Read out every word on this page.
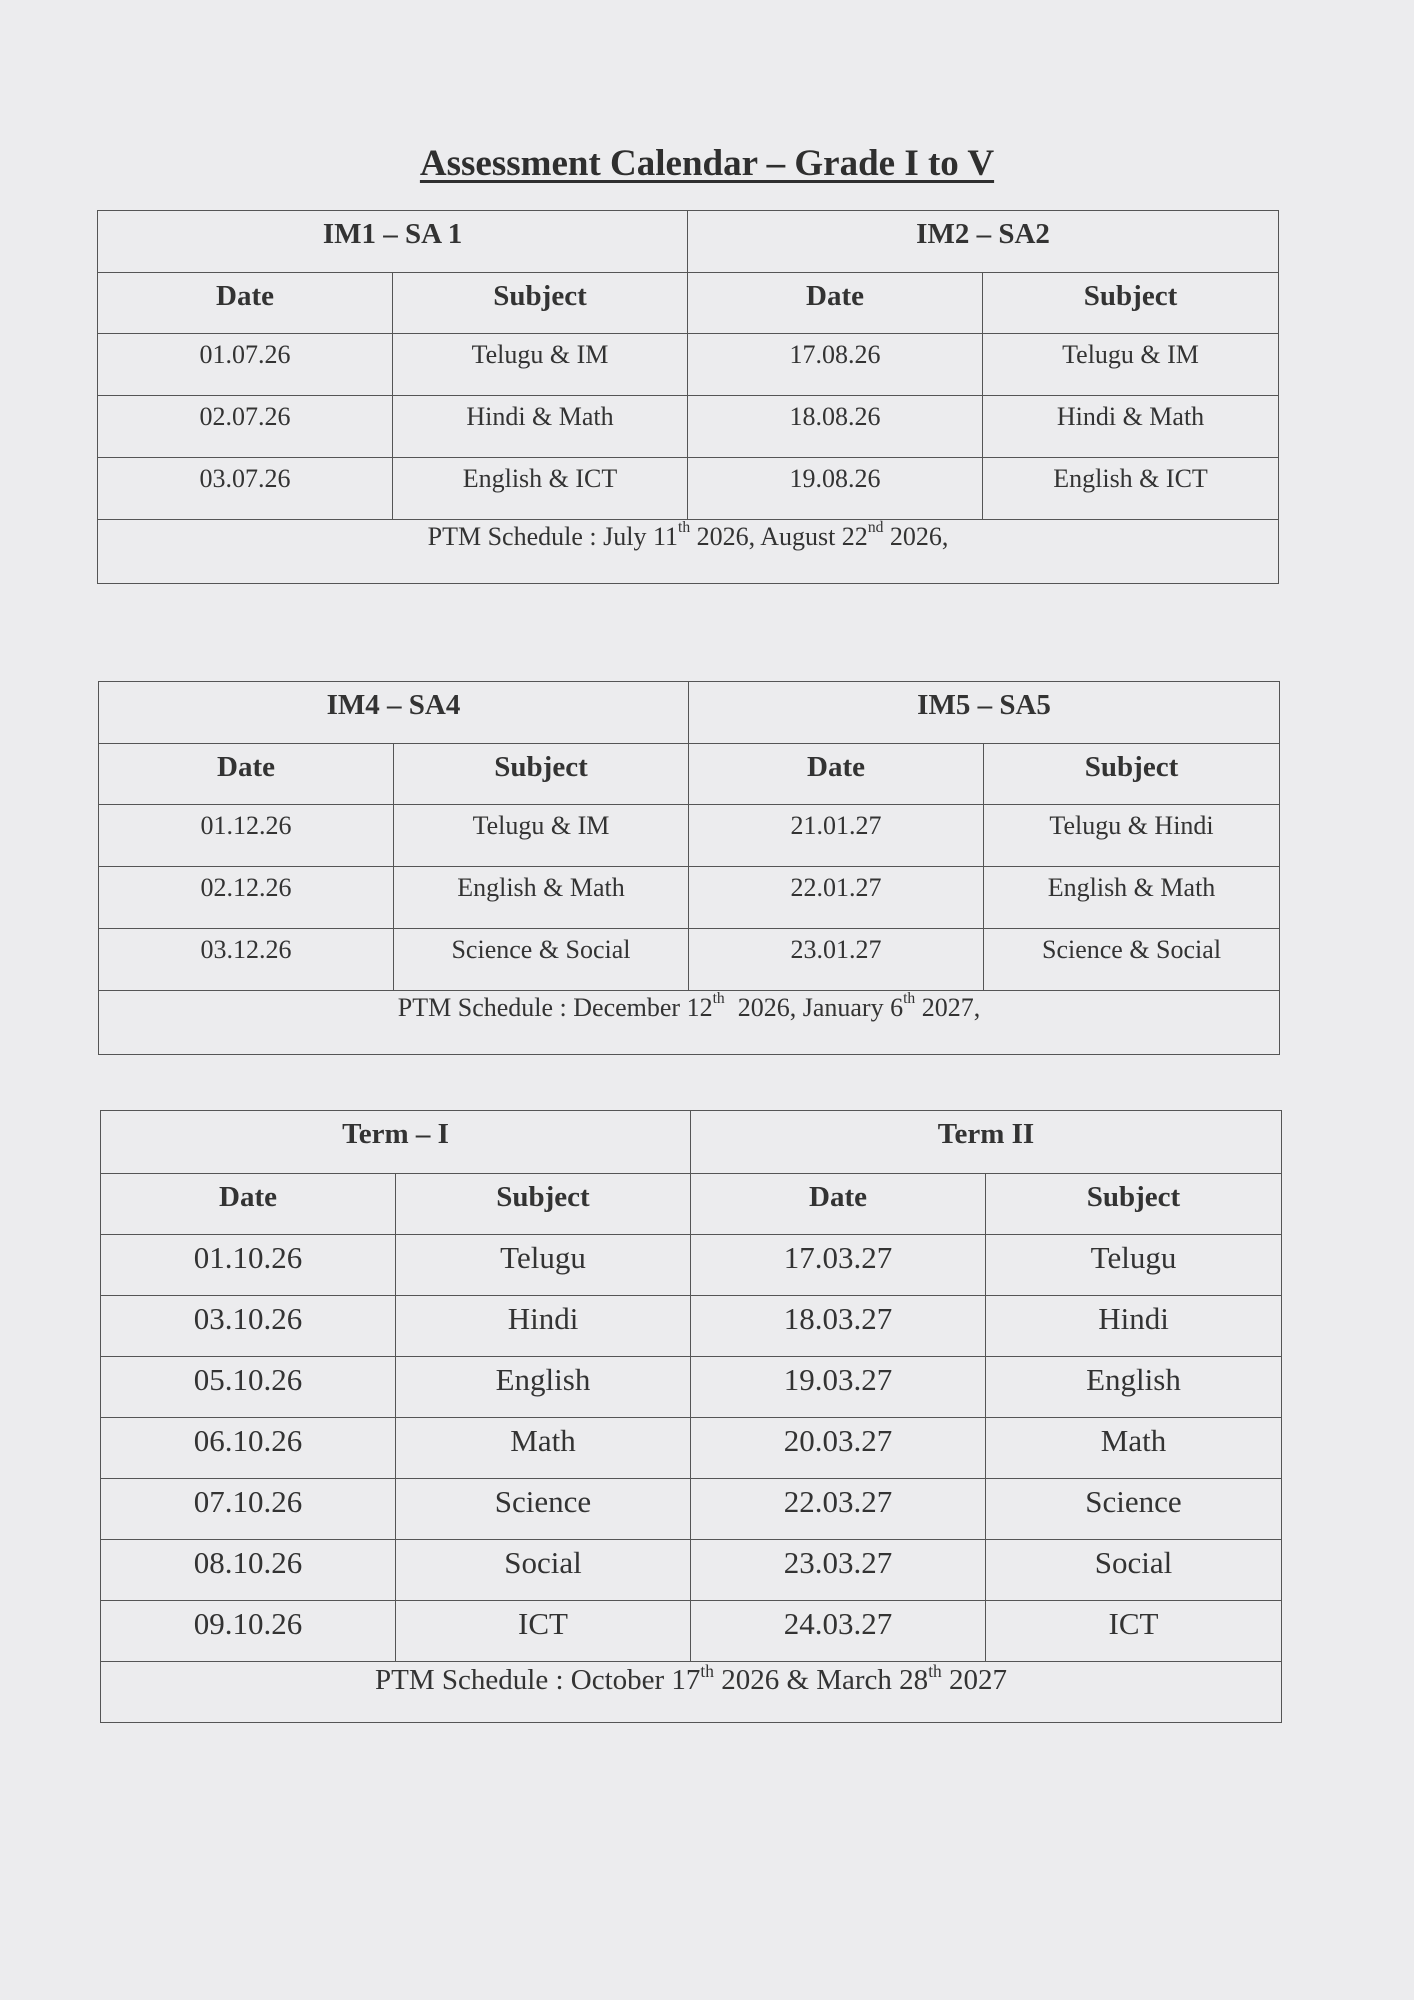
Assessment Calendar – Grade I to V
IM1 – SA 1		IM2 – SA2	
Date	Subject	Date	Subject
01.07.26	Telugu & IM	17.08.26	Telugu & IM
02.07.26	Hindi & Math	18.08.26	Hindi & Math
03.07.26	English & ICT	19.08.26	English & ICT
PTM Schedule : July 11th 2026, August 22nd 2026,			
IM4 – SA4		IM5 – SA5	
Date	Subject	Date	Subject
01.12.26	Telugu & IM	21.01.27	Telugu & Hindi
02.12.26	English & Math	22.01.27	English & Math
03.12.26	Science & Social	23.01.27	Science & Social
PTM Schedule : December 12th  2026, January 6th 2027,			
Term – I		Term II	
Date	Subject	Date	Subject
01.10.26	Telugu	17.03.27	Telugu
03.10.26	Hindi	18.03.27	Hindi
05.10.26	English	19.03.27	English
06.10.26	Math	20.03.27	Math
07.10.26	Science	22.03.27	Science
08.10.26	Social	23.03.27	Social
09.10.26	ICT	24.03.27	ICT
PTM Schedule : October 17th 2026 & March 28th 2027			
